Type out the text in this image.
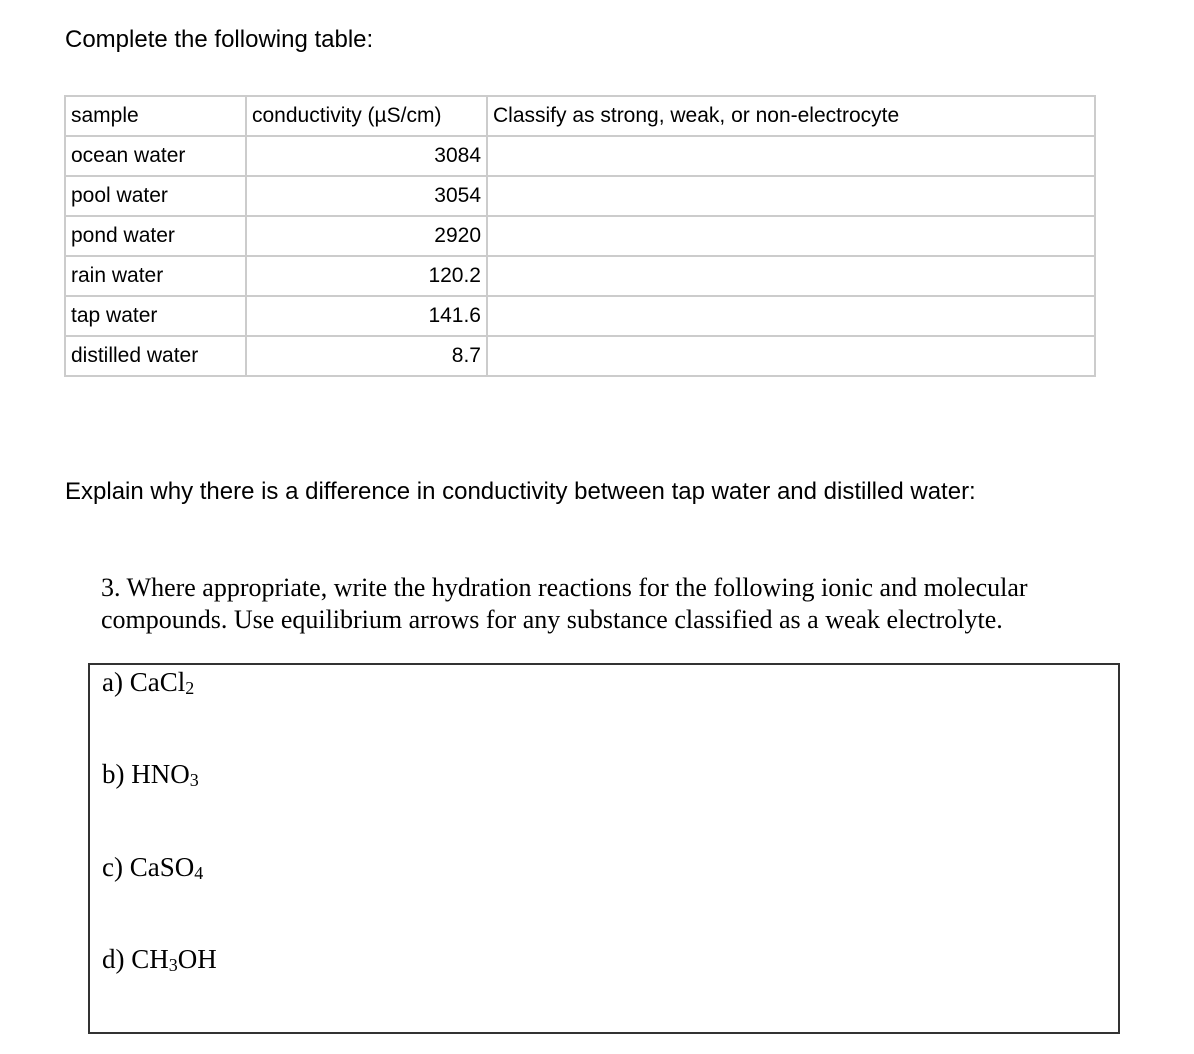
Complete the following table:
sample	conductivity (µS/cm)	Classify as strong, weak, or non-electrocyte
ocean water	3084	
pool water	3054	
pond water	2920	
rain water	120.2	
tap water	141.6	
distilled water	8.7	
Explain why there is a difference in conductivity between tap water and distilled water:
3. Where appropriate, write the hydration reactions for the following ionic and molecular
compounds. Use equilibrium arrows for any substance classified as a weak electrolyte.
a) CaCl$_2$
b) $HNO_3$
c) CaSO$_4$
d) $CH_3OH$
